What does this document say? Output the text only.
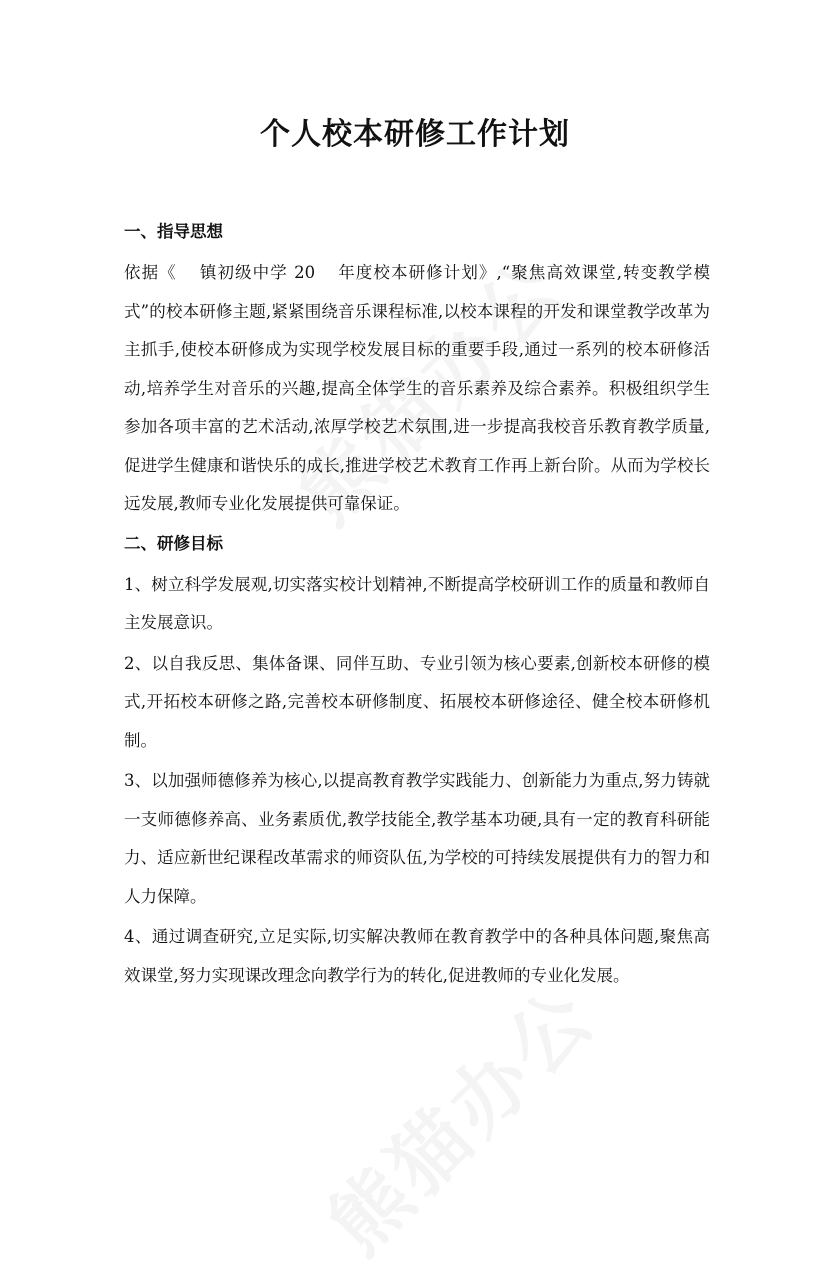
个人校本研修工作计划
一、指导思想

依据《 镇初级中学 20 年度校本研修计划》,“聚焦高效课堂,转变教学模式”的校本研修主题,紧紧围绕音乐课程标准,以校本课程的开发和课堂教学改革为主抓手,使校本研修成为实现学校发展目标的重要手段,通过一系列的校本研修活动,培养学生对音乐的兴趣,提高全体学生的音乐素养及综合素养。积极组织学生参加各项丰富的艺术活动,浓厚学校艺术氛围,进一步提高我校音乐教育教学质量,促进学生健康和谐快乐的成长,推进学校艺术教育工作再上新台阶。从而为学校长远发展,教师专业化发展提供可靠保证。

二、研修目标

1、树立科学发展观,切实落实校计划精神,不断提高学校研训工作的质量和教师自主发展意识。

2、以自我反思、集体备课、同伴互助、专业引领为核心要素,创新校本研修的模式,开拓校本研修之路,完善校本研修制度、拓展校本研修途径、健全校本研修机制。

3、以加强师德修养为核心,以提高教育教学实践能力、创新能力为重点,努力铸就一支师德修养高、业务素质优,教学技能全,教学基本功硬,具有一定的教育科研能力、适应新世纪课程改革需求的师资队伍,为学校的可持续发展提供有力的智力和人力保障。

4、通过调查研究,立足实际,切实解决教师在教育教学中的各种具体问题,聚焦高效课堂,努力实现课改理念向教学行为的转化,促进教师的专业化发展。
